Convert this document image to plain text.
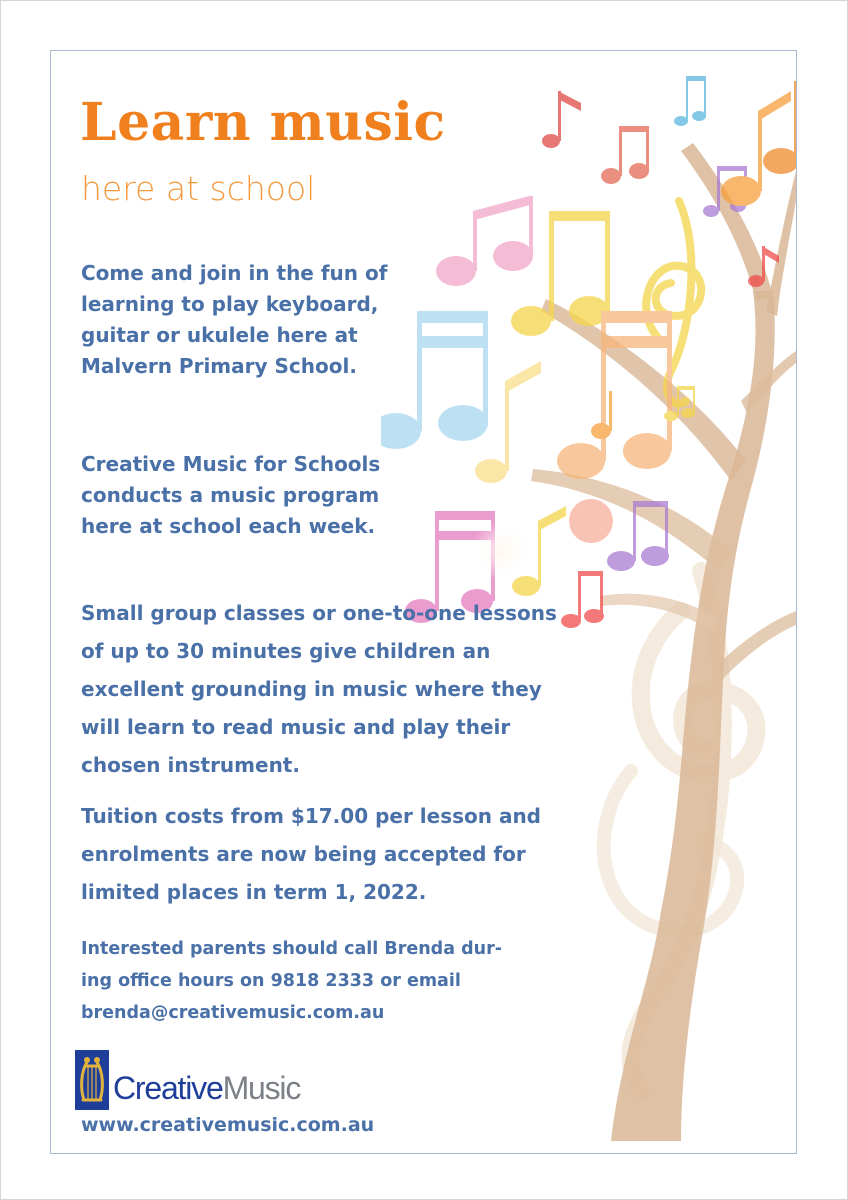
Learn music
here at school

Come and join in the fun of
learning to play keyboard,
guitar or ukulele here at
Malvern Primary School.

Creative Music for Schools
conducts a music program
here at school each week.

Small group classes or one-to-one lessons
of up to 30 minutes give children an
excellent grounding in music where they
will learn to read music and play their
chosen instrument.

Tuition costs from $17.00 per lesson and
enrolments are now being accepted for
limited places in term 1, 2022.

Interested parents should call Brenda dur-
ing office hours on 9818 2333 or email
brenda@creativemusic.com.au

CreativeMusic

www.creativemusic.com.au
